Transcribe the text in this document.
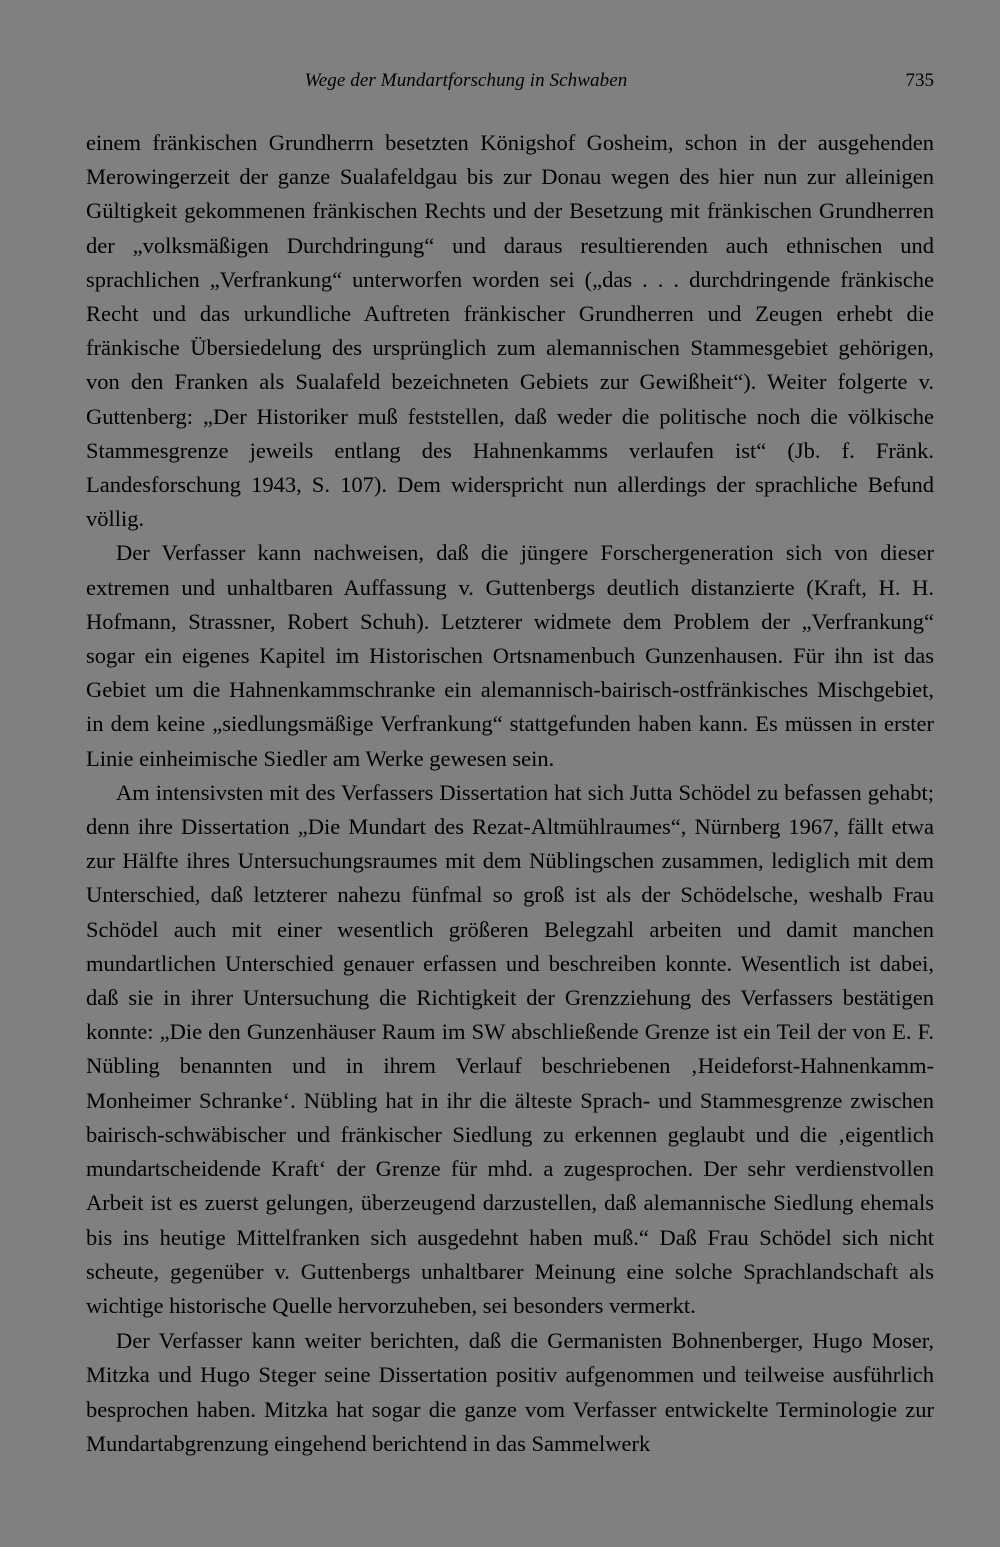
Wege der Mundartforschung in Schwaben	735

einem fränkischen Grundherrn besetzten Königshof Gosheim, schon in der ausgehenden Merowingerzeit der ganze Sualafeldgau bis zur Donau wegen des hier nun zur alleinigen Gültigkeit gekommenen fränkischen Rechts und der Besetzung mit fränkischen Grundherren der „volksmäßigen Durchdringung“ und daraus resultierenden auch ethnischen und sprachlichen „Verfrankung“ unterworfen worden sei („das . . . durchdringende fränkische Recht und das urkundliche Auftreten fränkischer Grundherren und Zeugen erhebt die fränkische Übersiedelung des ursprünglich zum alemannischen Stammesgebiet gehörigen, von den Franken als Sualafeld bezeichneten Gebiets zur Gewißheit“). Weiter folgerte v. Guttenberg: „Der Historiker muß feststellen, daß weder die politische noch die völkische Stammesgrenze jeweils entlang des Hahnenkamms verlaufen ist“ (Jb. f. Fränk. Landesforschung 1943, S. 107). Dem widerspricht nun allerdings der sprachliche Befund völlig.

Der Verfasser kann nachweisen, daß die jüngere Forschergeneration sich von dieser extremen und unhaltbaren Auffassung v. Guttenbergs deutlich distanzierte (Kraft, H. H. Hofmann, Strassner, Robert Schuh). Letzterer widmete dem Problem der „Verfrankung“ sogar ein eigenes Kapitel im Historischen Ortsnamenbuch Gunzenhausen. Für ihn ist das Gebiet um die Hahnenkammschranke ein alemannisch-bairisch-ostfränkisches Mischgebiet, in dem keine „siedlungsmäßige Verfrankung“ stattgefunden haben kann. Es müssen in erster Linie einheimische Siedler am Werke gewesen sein.

Am intensivsten mit des Verfassers Dissertation hat sich Jutta Schödel zu befassen gehabt; denn ihre Dissertation „Die Mundart des Rezat-Altmühlraumes“, Nürnberg 1967, fällt etwa zur Hälfte ihres Untersuchungsraumes mit dem Nüblingschen zusammen, lediglich mit dem Unterschied, daß letzterer nahezu fünfmal so groß ist als der Schödelsche, weshalb Frau Schödel auch mit einer wesentlich größeren Belegzahl arbeiten und damit manchen mundartlichen Unterschied genauer erfassen und beschreiben konnte. Wesentlich ist dabei, daß sie in ihrer Untersuchung die Richtigkeit der Grenzziehung des Verfassers bestätigen konnte: „Die den Gunzenhäuser Raum im SW abschließende Grenze ist ein Teil der von E. F. Nübling benannten und in ihrem Verlauf beschriebenen ‚Heideforst-Hahnenkamm-Monheimer Schranke‘. Nübling hat in ihr die älteste Sprach- und Stammesgrenze zwischen bairisch-schwäbischer und fränkischer Siedlung zu erkennen geglaubt und die ‚eigentlich mundartscheidende Kraft‘ der Grenze für mhd. a zugesprochen. Der sehr verdienstvollen Arbeit ist es zuerst gelungen, überzeugend darzustellen, daß alemannische Siedlung ehemals bis ins heutige Mittelfranken sich ausgedehnt haben muß.“ Daß Frau Schödel sich nicht scheute, gegenüber v. Guttenbergs unhaltbarer Meinung eine solche Sprachlandschaft als wichtige historische Quelle hervorzuheben, sei besonders vermerkt.

Der Verfasser kann weiter berichten, daß die Germanisten Bohnenberger, Hugo Moser, Mitzka und Hugo Steger seine Dissertation positiv aufgenommen und teilweise ausführlich besprochen haben. Mitzka hat sogar die ganze vom Verfasser entwickelte Terminologie zur Mundartabgrenzung eingehend berichtend in das Sammelwerk
